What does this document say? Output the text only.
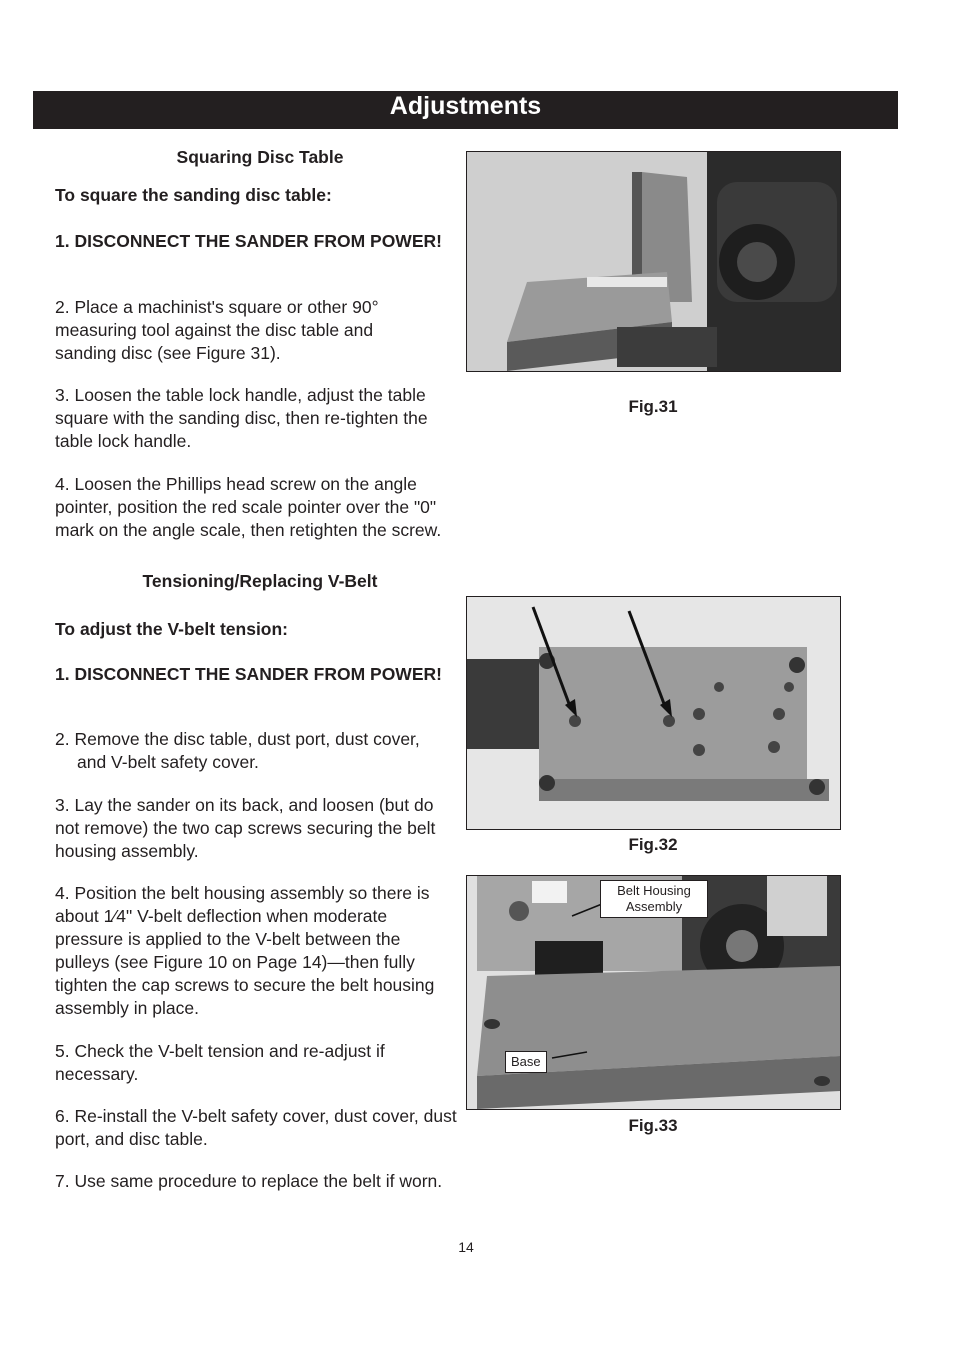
Adjustments
Squaring Disc Table
To square the sanding disc table:
1. DISCONNECT THE SANDER FROM POWER!
2. Place a machinist's square or other 90° measuring tool against the disc table and sanding disc (see Figure 31).
3. Loosen the table lock handle, adjust the table square with the sanding disc, then re-tighten the table lock handle.
4. Loosen the Phillips head screw on the angle pointer, position the red scale pointer over the "0" mark on the angle scale, then retighten the screw.
Tensioning/Replacing V-Belt
To adjust the V-belt tension:
1. DISCONNECT THE SANDER FROM POWER!
2. Remove the disc table, dust port, dust cover, and V-belt safety cover.
3. Lay the sander on its back, and loosen (but do not remove) the two cap screws securing the belt housing assembly.
4. Position the belt housing assembly so there is about 1⁄4" V-belt deflection when moderate pressure is applied to the V-belt between the pulleys (see Figure 10 on Page 14)—then fully tighten the cap screws to secure the belt housing assembly in place.
5. Check the V-belt tension and re-adjust if necessary.
6. Re-install the V-belt safety cover, dust cover, dust port, and disc table.
7. Use same procedure to replace the belt if worn.
Fig.31
Fig.32
Belt Housing Assembly
Base
Fig.33
14
